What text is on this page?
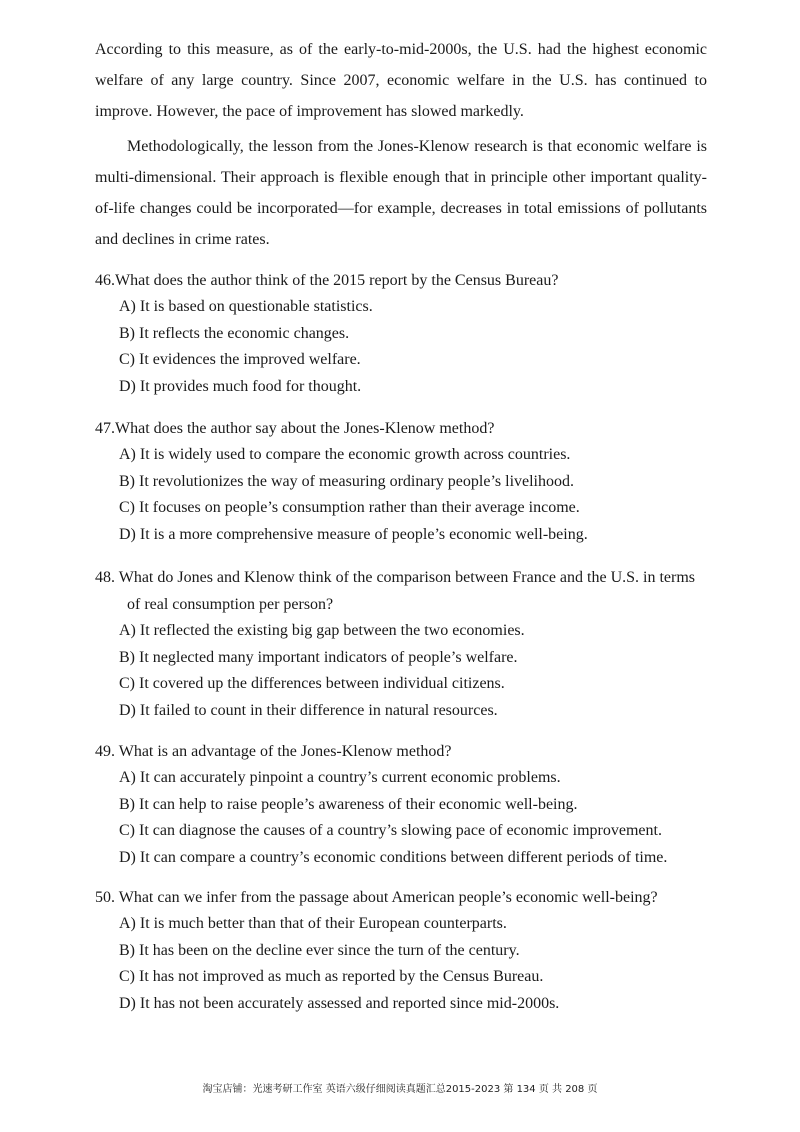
According to this measure, as of the early-to-mid-2000s, the U.S. had the highest economic welfare of any large country. Since 2007, economic welfare in the U.S. has continued to improve. However, the pace of improvement has slowed markedly.

Methodologically, the lesson from the Jones-Klenow research is that economic welfare is multi-dimensional. Their approach is flexible enough that in principle other important quality-of-life changes could be incorporated—for example, decreases in total emissions of pollutants and declines in crime rates.

46.What does the author think of the 2015 report by the Census Bureau?

A) It is based on questionable statistics.

B) It reflects the economic changes.

C) It evidences the improved welfare.

D) It provides much food for thought.

47.What does the author say about the Jones-Klenow method?

A) It is widely used to compare the economic growth across countries.

B) It revolutionizes the way of measuring ordinary people’s livelihood.

C) It focuses on people’s consumption rather than their average income.

D) It is a more comprehensive measure of people’s economic well-being.

48. What do Jones and Klenow think of the comparison between France and the U.S. in terms of real consumption per person?

A) It reflected the existing big gap between the two economies.

B) It neglected many important indicators of people’s welfare.

C) It covered up the differences between individual citizens.

D) It failed to count in their difference in natural resources.

49. What is an advantage of the Jones-Klenow method?

A) It can accurately pinpoint a country’s current economic problems.

B) It can help to raise people’s awareness of their economic well-being.

C) It can diagnose the causes of a country’s slowing pace of economic improvement.

D) It can compare a country’s economic conditions between different periods of time.

50. What can we infer from the passage about American people’s economic well-being?

A) It is much better than that of their European counterparts.

B) It has been on the decline ever since the turn of the century.

C) It has not improved as much as reported by the Census Bureau.

D) It has not been accurately assessed and reported since mid-2000s.

淘宝店铺：光速考研工作室 英语六级仔细阅读真题汇总2015-2023 第 134 页 共 208 页
